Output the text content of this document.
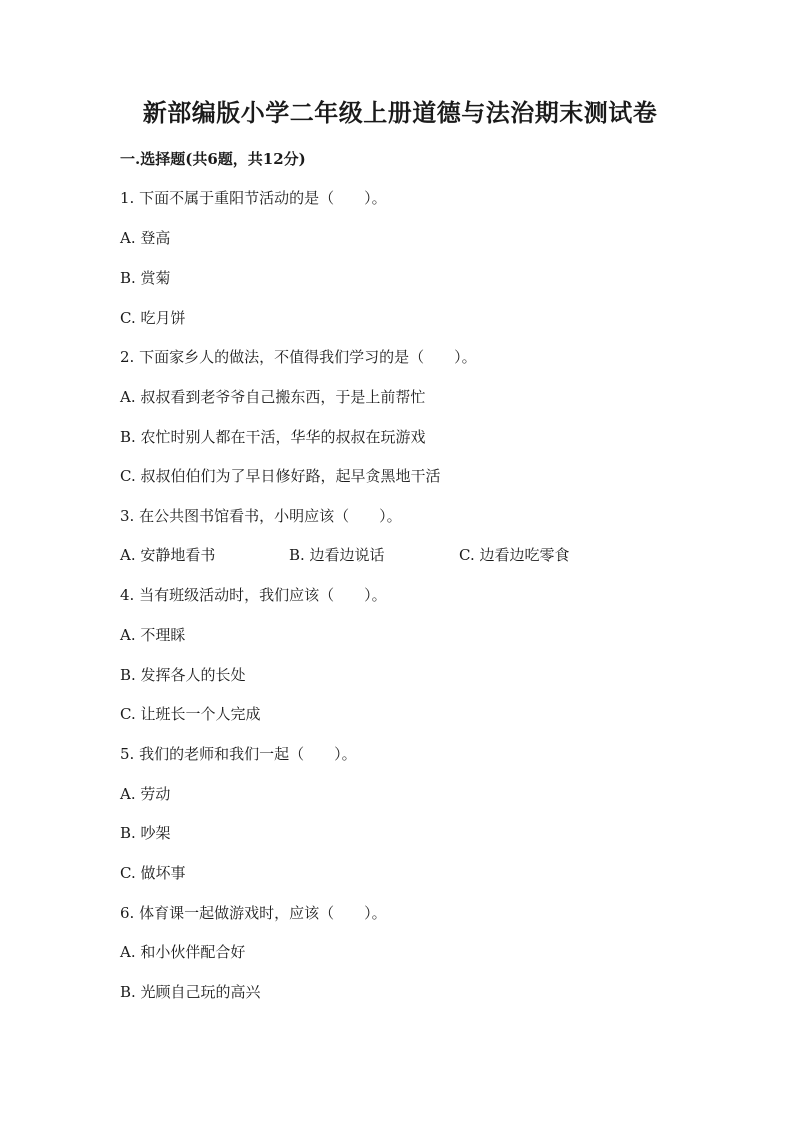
新部编版小学二年级上册道德与法治期末测试卷
一.选择题(共6题，共12分)
1. 下面不属于重阳节活动的是（　　）。
A. 登高
B. 赏菊
C. 吃月饼
2. 下面家乡人的做法，不值得我们学习的是（　　）。
A. 叔叔看到老爷爷自己搬东西，于是上前帮忙
B. 农忙时别人都在干活，华华的叔叔在玩游戏
C. 叔叔伯伯们为了早日修好路，起早贪黑地干活
3. 在公共图书馆看书，小明应该（　　）。
A. 安静地看书	B. 边看边说话	C. 边看边吃零食
4. 当有班级活动时，我们应该（　　）。
A. 不理睬
B. 发挥各人的长处
C. 让班长一个人完成
5. 我们的老师和我们一起（　　）。
A. 劳动
B. 吵架
C. 做坏事
6. 体育课一起做游戏时，应该（　　）。
A. 和小伙伴配合好
B. 光顾自己玩的高兴
